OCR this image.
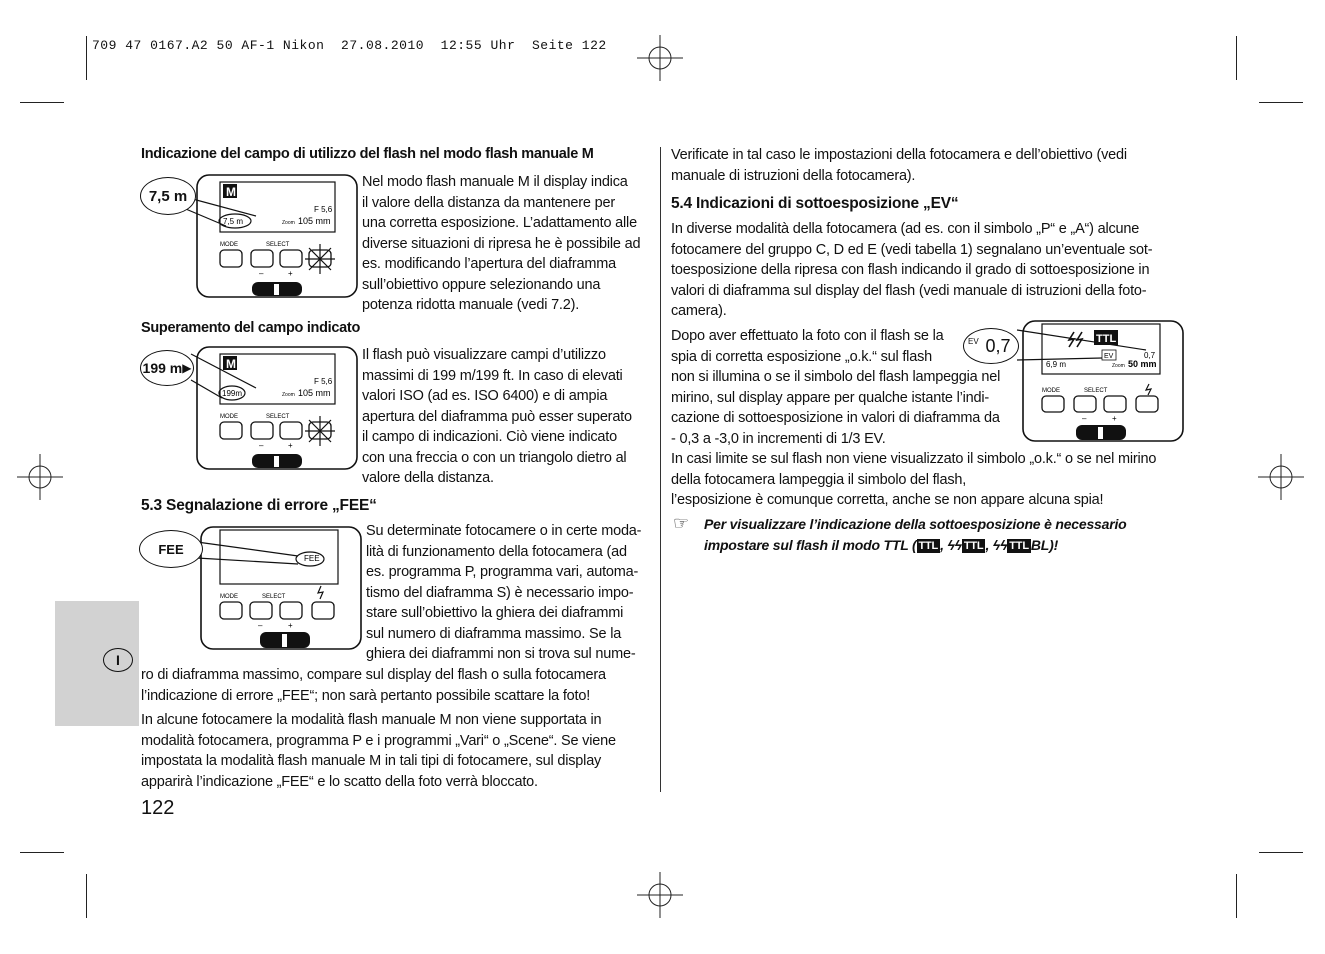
709 47 0167.A2 50 AF-1 Nikon  27.08.2010  12:55 Uhr  Seite 122
I
Indicazione del campo di utilizzo del flash nel modo flash manuale M
M
F 5,6
7,5 m	Zoom 105 mm
MODE	SELECT
–	+
7,5 m
Nel modo flash manuale M il display indica
il valore della distanza da mantenere per
una corretta esposizione. L’adattamento alle
diverse situazioni di ripresa he è possibile ad
es. modificando l’apertura del diaframma
sull’obiettivo oppure selezionando una
potenza ridotta manuale (vedi 7.2).
Superamento del campo indicato
M
F 5,6
199m	Zoom 105 mm
MODE	SELECT
–	+
199 m ▶
Il flash può visualizzare campi d’utilizzo
massimi di 199 m/199 ft. In caso di elevati
valori ISO (ad es. ISO 6400) e di ampia
apertura del diaframma può esser superato
il campo di indicazioni. Ciò viene indicato
con una freccia o con un triangolo dietro al
valore della distanza.
5.3 Segnalazione di errore „FEE“
FEE
MODE	SELECT
–	+
FEE
Su determinate fotocamere o in certe moda-
lità di funzionamento della fotocamera (ad
es. programma P, programma vari, automa-
tismo del diaframma S) è necessario impo-
stare sull’obiettivo la ghiera dei diaframmi
sul numero di diaframma massimo. Se la
ghiera dei diaframmi non si trova sul nume-
ro di diaframma massimo, compare sul display del flash o sulla fotocamera
l’indicazione di errore „FEE“; non sarà pertanto possibile scattare la foto!
In alcune fotocamere la modalità flash manuale M non viene supportata in
modalità fotocamera, programma P e i programmi „Vari“ o „Scene“. Se viene
impostata la modalità flash manuale M in tali tipi di fotocamere, sul display
apparirà l’indicazione „FEE“ e lo scatto della foto verrà bloccato.
122
Verificate in tal caso le impostazioni della fotocamera e dell’obiettivo (vedi
manuale di istruzioni della fotocamera).
5.4 Indicazioni di sottoesposizione „EV“
In diverse modalità della fotocamera (ad es. con il simbolo „P“ e „A“) alcune
fotocamere del gruppo C, D ed E (vedi tabella 1) segnalano un’eventuale sot-
toesposizione della ripresa con flash indicando il grado di sottoesposizione in
valori di diaframma sul display del flash (vedi manuale di istruzioni della foto-
camera).
Dopo aver effettuato la foto con il flash se la
spia di corretta esposizione „o.k.“ sul flash
non si illumina o se il simbolo del flash lampeggia nel
mirino, sul display appare per qualche istante l’indi-
cazione di sottoesposizione in valori di diaframma da
- 0,3 a -3,0 in incrementi di 1/3 EV.
TTL
6,9 m
EV	0,7
Zoom 50 mm
MODE	SELECT
–	+
EV 0,7
In casi limite se sul flash non viene visualizzato il simbolo „o.k.“ o se nel mirino
della fotocamera lampeggia il simbolo del flash,
l’esposizione è comunque corretta, anche se non appare alcuna spia!
☞ Per visualizzare l’indicazione della sottoesposizione è necessario
impostare sul flash il modo TTL ( TTL , ϟϟ TTL , ϟϟ TTL BL)!
